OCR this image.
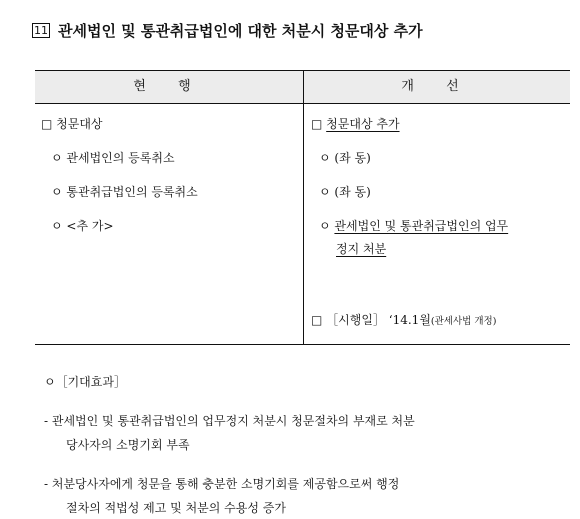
11 관세법인 및 통관취급법인에 대한 처분시 청문대상 추가
현 행	개 선
□ 청문대상
ㅇ 관세법인의 등록취소
ㅇ 통관취급법인의 등록취소
ㅇ <추 가>
□ 청문대상 추가
ㅇ (좌 동)
ㅇ (좌 동)
ㅇ 관세법인 및 통관취급법인의 업무
정지 처분
□ ［시행일］ ‘14.1월(관세사법 개정)
ㅇ［기대효과］
- 관세법인 및 통관취급법인의 업무정지 처분시 청문절차의 부재로 처분
당사자의 소명기회 부족
- 처분당사자에게 청문을 통해 충분한 소명기회를 제공함으로써 행정
절차의 적법성 제고 및 처분의 수용성 증가
